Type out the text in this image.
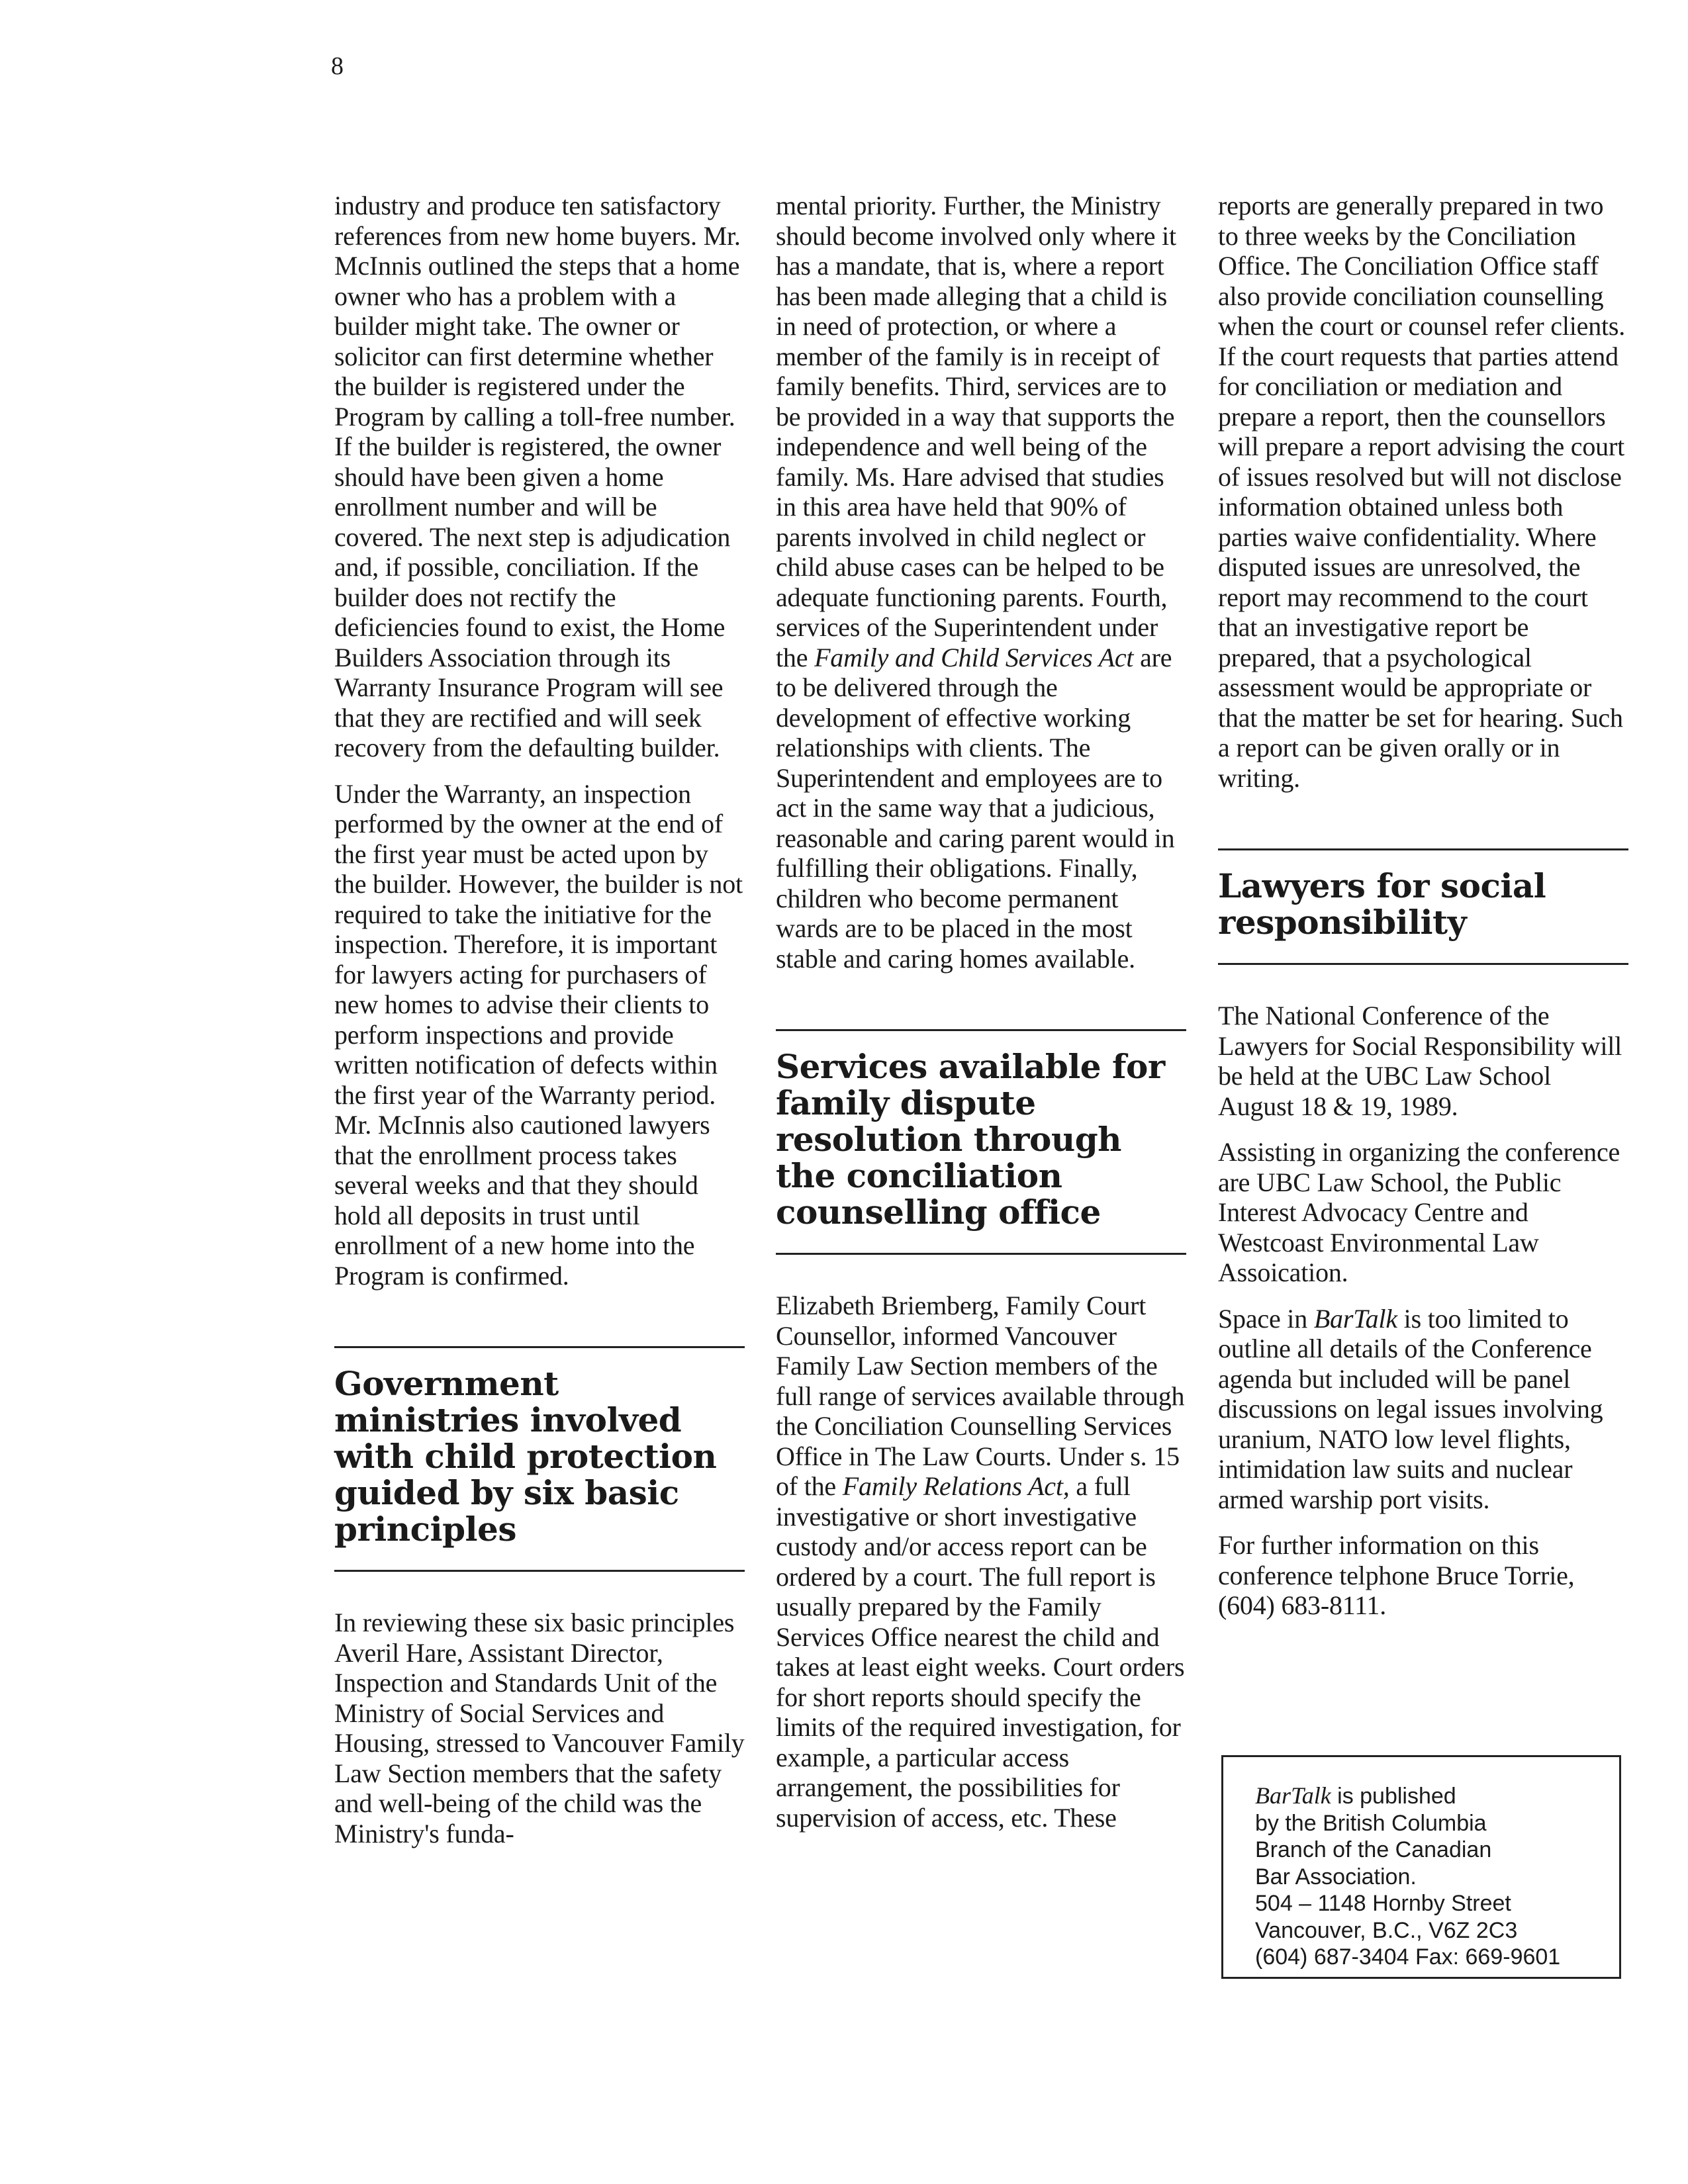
8

industry and produce ten satisfactory references from new home buyers. Mr. McInnis outlined the steps that a home owner who has a problem with a builder might take. The owner or solicitor can first determine whether the builder is registered under the Program by calling a toll-free number. If the builder is registered, the owner should have been given a home enrollment number and will be covered. The next step is adjudication and, if possible, conciliation. If the builder does not rectify the deficiencies found to exist, the Home Builders Association through its Warranty Insurance Program will see that they are rectified and will seek recovery from the defaulting builder.

Under the Warranty, an inspection performed by the owner at the end of the first year must be acted upon by the builder. However, the builder is not required to take the initiative for the inspection. Therefore, it is important for lawyers acting for purchasers of new homes to advise their clients to perform inspections and provide written notification of defects within the first year of the Warranty period. Mr. McInnis also cautioned lawyers that the enrollment process takes several weeks and that they should hold all deposits in trust until enrollment of a new home into the Program is confirmed.

Government ministries involved with child protection guided by six basic principles

In reviewing these six basic principles Averil Hare, Assistant Director, Inspection and Standards Unit of the Ministry of Social Services and Housing, stressed to Vancouver Family Law Section members that the safety and well-being of the child was the Ministry's funda-

mental priority. Further, the Ministry should become involved only where it has a mandate, that is, where a report has been made alleging that a child is in need of protection, or where a member of the family is in receipt of family benefits. Third, services are to be provided in a way that supports the independence and well being of the family. Ms. Hare advised that studies in this area have held that 90% of parents involved in child neglect or child abuse cases can be helped to be adequate functioning parents. Fourth, services of the Superintendent under the Family and Child Services Act are to be delivered through the development of effective working relationships with clients. The Superintendent and employees are to act in the same way that a judicious, reasonable and caring parent would in fulfilling their obligations. Finally, children who become permanent wards are to be placed in the most stable and caring homes available.

Services available for family dispute resolution through the conciliation counselling office

Elizabeth Briemberg, Family Court Counsellor, informed Vancouver Family Law Section members of the full range of services available through the Conciliation Counselling Services Office in The Law Courts. Under s. 15 of the Family Relations Act, a full investigative or short investigative custody and/or access report can be ordered by a court. The full report is usually prepared by the Family Services Office nearest the child and takes at least eight weeks. Court orders for short reports should specify the limits of the required investigation, for example, a particular access arrangement, the possibilities for supervision of access, etc. These

reports are generally prepared in two to three weeks by the Conciliation Office. The Conciliation Office staff also provide conciliation counselling when the court or counsel refer clients. If the court requests that parties attend for conciliation or mediation and prepare a report, then the counsellors will prepare a report advising the court of issues resolved but will not disclose information obtained unless both parties waive confidentiality. Where disputed issues are unresolved, the report may recommend to the court that an investigative report be prepared, that a psychological assessment would be appropriate or that the matter be set for hearing. Such a report can be given orally or in writing.

Lawyers for social responsibility

The National Conference of the Lawyers for Social Responsibility will be held at the UBC Law School August 18 & 19, 1989.

Assisting in organizing the conference are UBC Law School, the Public Interest Advocacy Centre and Westcoast Environmental Law Assoication.

Space in BarTalk is too limited to outline all details of the Conference agenda but included will be panel discussions on legal issues involving uranium, NATO low level flights, intimidation law suits and nuclear armed warship port visits.

For further information on this conference telphone Bruce Torrie, (604) 683-8111.

BarTalk is published
by the British Columbia
Branch of the Canadian
Bar Association.
504 – 1148 Hornby Street
Vancouver, B.C., V6Z 2C3
(604) 687-3404 Fax: 669-9601
